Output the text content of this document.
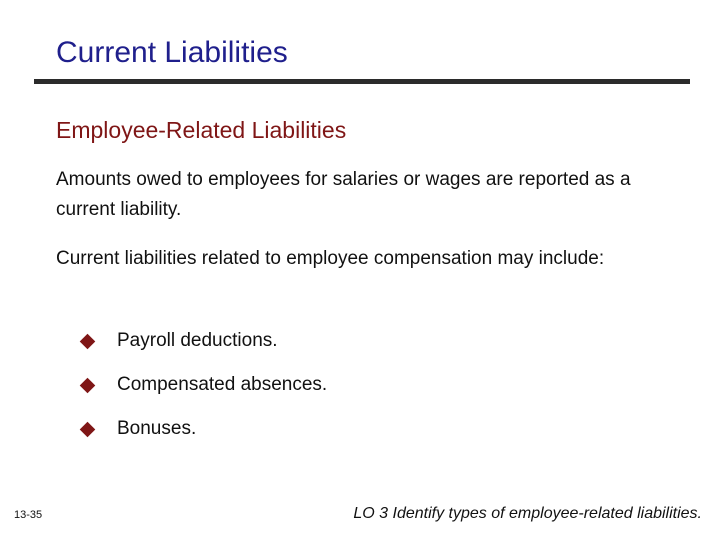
Current Liabilities
Employee-Related Liabilities

Amounts owed to employees for salaries or wages are reported as a current liability.

Current liabilities related to employee compensation may include:

Payroll deductions.
Compensated absences.
Bonuses.
13-35	LO 3 Identify types of employee-related liabilities.
